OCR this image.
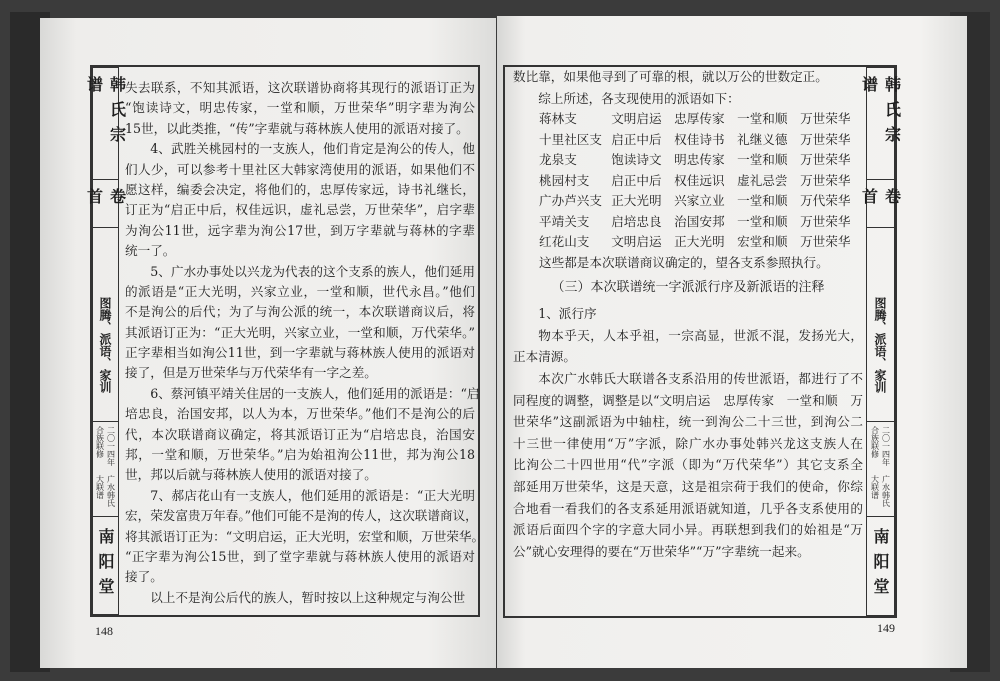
韩氏宗谱
卷首
图腾、派语、家训
广水韩氏大联谱
二〇一四年合族联修
南阳堂
失去联系，不知其派语，这次联谱协商将其现行的派语订正为
“饱读诗文，明忠传家，一堂和顺，万世荣华”明字辈为洵公
15世，以此类推，“传”字辈就与蒋林族人使用的派语对接了。
4、武胜关桃园村的一支族人，他们肯定是洵公的传人，他
们人少，可以参考十里社区大韩家湾使用的派语，如果他们不
愿这样，编委会决定，将他们的，忠厚传家远，诗书礼继长，
订正为“启正中后，权佳远识，虚礼忌尝，万世荣华”，启字辈
为洵公11世，远字辈为洵公17世，到万字辈就与蒋林的字辈
统一了。
5、广水办事处以兴龙为代表的这个支系的族人，他们延用
的派语是“正大光明，兴家立业，一堂和顺，世代永昌。”他们
不是洵公的后代；为了与洵公派的统一，本次联谱商议后，将
其派语订正为：“正大光明，兴家立业，一堂和顺，万代荣华。”
正字辈相当如洵公11世，到一字辈就与蒋林族人使用的派语对
接了，但是万世荣华与万代荣华有一字之差。
6、蔡河镇平靖关住居的一支族人，他们延用的派语是：“启
培忠良，治国安邦，以人为本，万世荣华。”他们不是洵公的后
代，本次联谱商议确定，将其派语订正为“启培忠良，治国安
邦，一堂和顺，万世荣华。”启为始祖洵公11世，邦为洵公18
世，邦以后就与蒋林族人使用的派语对接了。
7、郝店花山有一支族人，他们延用的派语是：“正大光明
宏，荣发富贵万年春。”他们可能不是洵的传人，这次联谱商议，
将其派语订正为：“文明启运，正大光明，宏堂和顺，万世荣华。
“正字辈为洵公15世，到了堂字辈就与蒋林族人使用的派语对
接了。
以上不是洵公后代的族人，暂时按以上这种规定与洵公世
148
韩氏宗谱
卷首
图腾、派语、家训
广水韩氏大联谱
二〇一四年合族联修
南阳堂
数比靠，如果他寻到了可靠的根，就以万公的世数定正。
综上所述，各支现使用的派语如下：
蒋林支	文明启运 忠厚传家 一堂和顺 万世荣华
十里社区支 启正中后 权佳诗书 礼继义德 万世荣华
龙泉支	饱读诗文 明忠传家 一堂和顺 万世荣华
桃园村支	启正中后 权佳远识 虚礼忌尝 万世荣华
广办芦兴支 正大光明 兴家立业 一堂和顺 万代荣华
平靖关支	启培忠良 治国安邦 一堂和顺 万世荣华
红花山支	文明启运 正大光明 宏堂和顺 万世荣华
这些都是本次联谱商议确定的，望各支系参照执行。
（三）本次联谱统一字派派行序及新派语的注释
1、派行序
物本乎天，人本乎祖，一宗高显，世派不混，发扬光大，
正本清源。
本次广水韩氏大联谱各支系沿用的传世派语，都进行了不
同程度的调整，调整是以“文明启运　忠厚传家　一堂和顺　万
世荣华”这副派语为中轴柱，统一到洵公二十三世，到洵公二
十三世一律使用“万”字派，除广水办事处韩兴龙这支族人在
比洵公二十四世用“代”字派（即为“万代荣华”）其它支系全
部延用万世荣华，这是天意，这是祖宗荷于我们的使命，你综
合地看一看我们的各支系延用派语就知道，几乎各支系使用的
派语后面四个字的字意大同小异。再联想到我们的始祖是“万
公”就心安理得的要在“万世荣华”“万”字辈统一起来。
149
